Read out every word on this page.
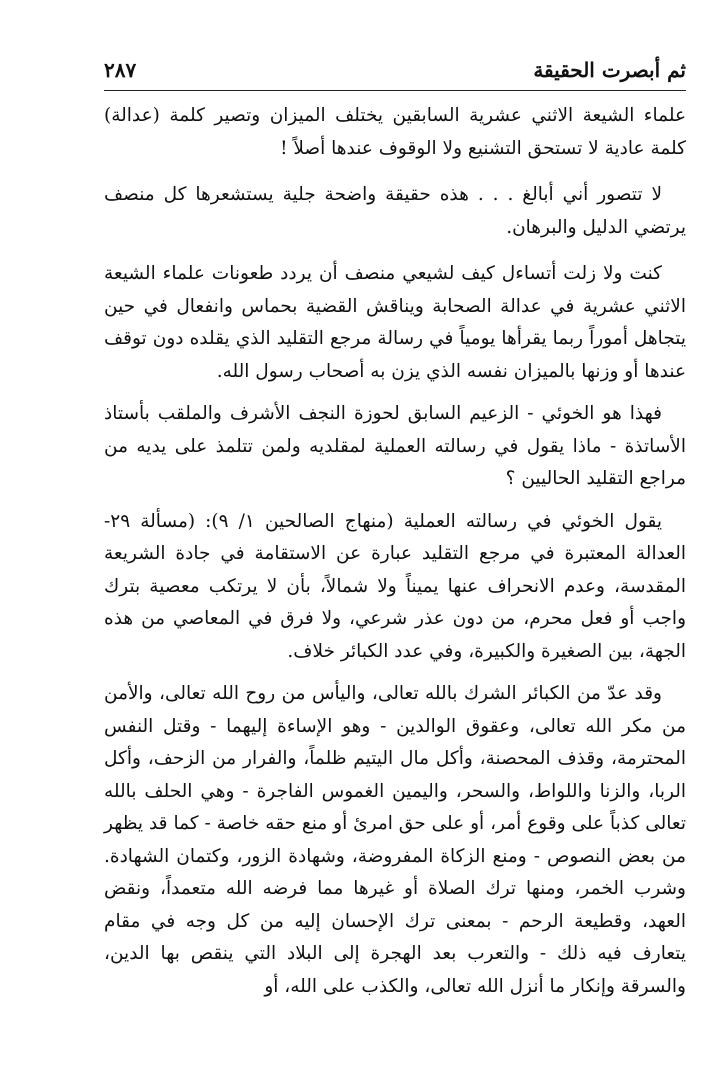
ثم أبصرت الحقيقة
٢٨٧

علماء الشيعة الاثني عشرية السابقين يختلف الميزان وتصير كلمة (عدالة) كلمة عادية لا تستحق التشنيع ولا الوقوف عندها أصلاً !

لا تتصور أني أبالغ . . . هذه حقيقة واضحة جلية يستشعرها كل منصف يرتضي الدليل والبرهان.

كنت ولا زلت أتساءل كيف لشيعي منصف أن يردد طعونات علماء الشيعة الاثني عشرية في عدالة الصحابة ويناقش القضية بحماس وانفعال في حين يتجاهل أموراً ربما يقرأها يومياً في رسالة مرجع التقليد الذي يقلده دون توقف عندها أو وزنها بالميزان نفسه الذي يزن به أصحاب رسول الله.

فهذا هو الخوئي - الزعيم السابق لحوزة النجف الأشرف والملقب بأستاذ الأساتذة - ماذا يقول في رسالته العملية لمقلديه ولمن تتلمذ على يديه من مراجع التقليد الحاليين ؟

يقول الخوئي في رسالته العملية (منهاج الصالحين ١/ ٩): (مسألة ٢٩- العدالة المعتبرة في مرجع التقليد عبارة عن الاستقامة في جادة الشريعة المقدسة، وعدم الانحراف عنها يميناً ولا شمالاً، بأن لا يرتكب معصية بترك واجب أو فعل محرم، من دون عذر شرعي، ولا فرق في المعاصي من هذه الجهة، بين الصغيرة والكبيرة، وفي عدد الكبائر خلاف.

وقد عدّ من الكبائر الشرك بالله تعالى، واليأس من روح الله تعالى، والأمن من مكر الله تعالى، وعقوق الوالدين - وهو الإساءة إليهما - وقتل النفس المحترمة، وقذف المحصنة، وأكل مال اليتيم ظلماً، والفرار من الزحف، وأكل الربا، والزنا واللواط، والسحر، واليمين الغموس الفاجرة - وهي الحلف بالله تعالى كذباً على وقوع أمر، أو على حق امرئ أو منع حقه خاصة - كما قد يظهر من بعض النصوص - ومنع الزكاة المفروضة، وشهادة الزور، وكتمان الشهادة. وشرب الخمر، ومنها ترك الصلاة أو غيرها مما فرضه الله متعمداً، ونقض العهد، وقطيعة الرحم - بمعنى ترك الإحسان إليه من كل وجه في مقام يتعارف فيه ذلك - والتعرب بعد الهجرة إلى البلاد التي ينقص بها الدين، والسرقة وإنكار ما أنزل الله تعالى، والكذب على الله، أو
